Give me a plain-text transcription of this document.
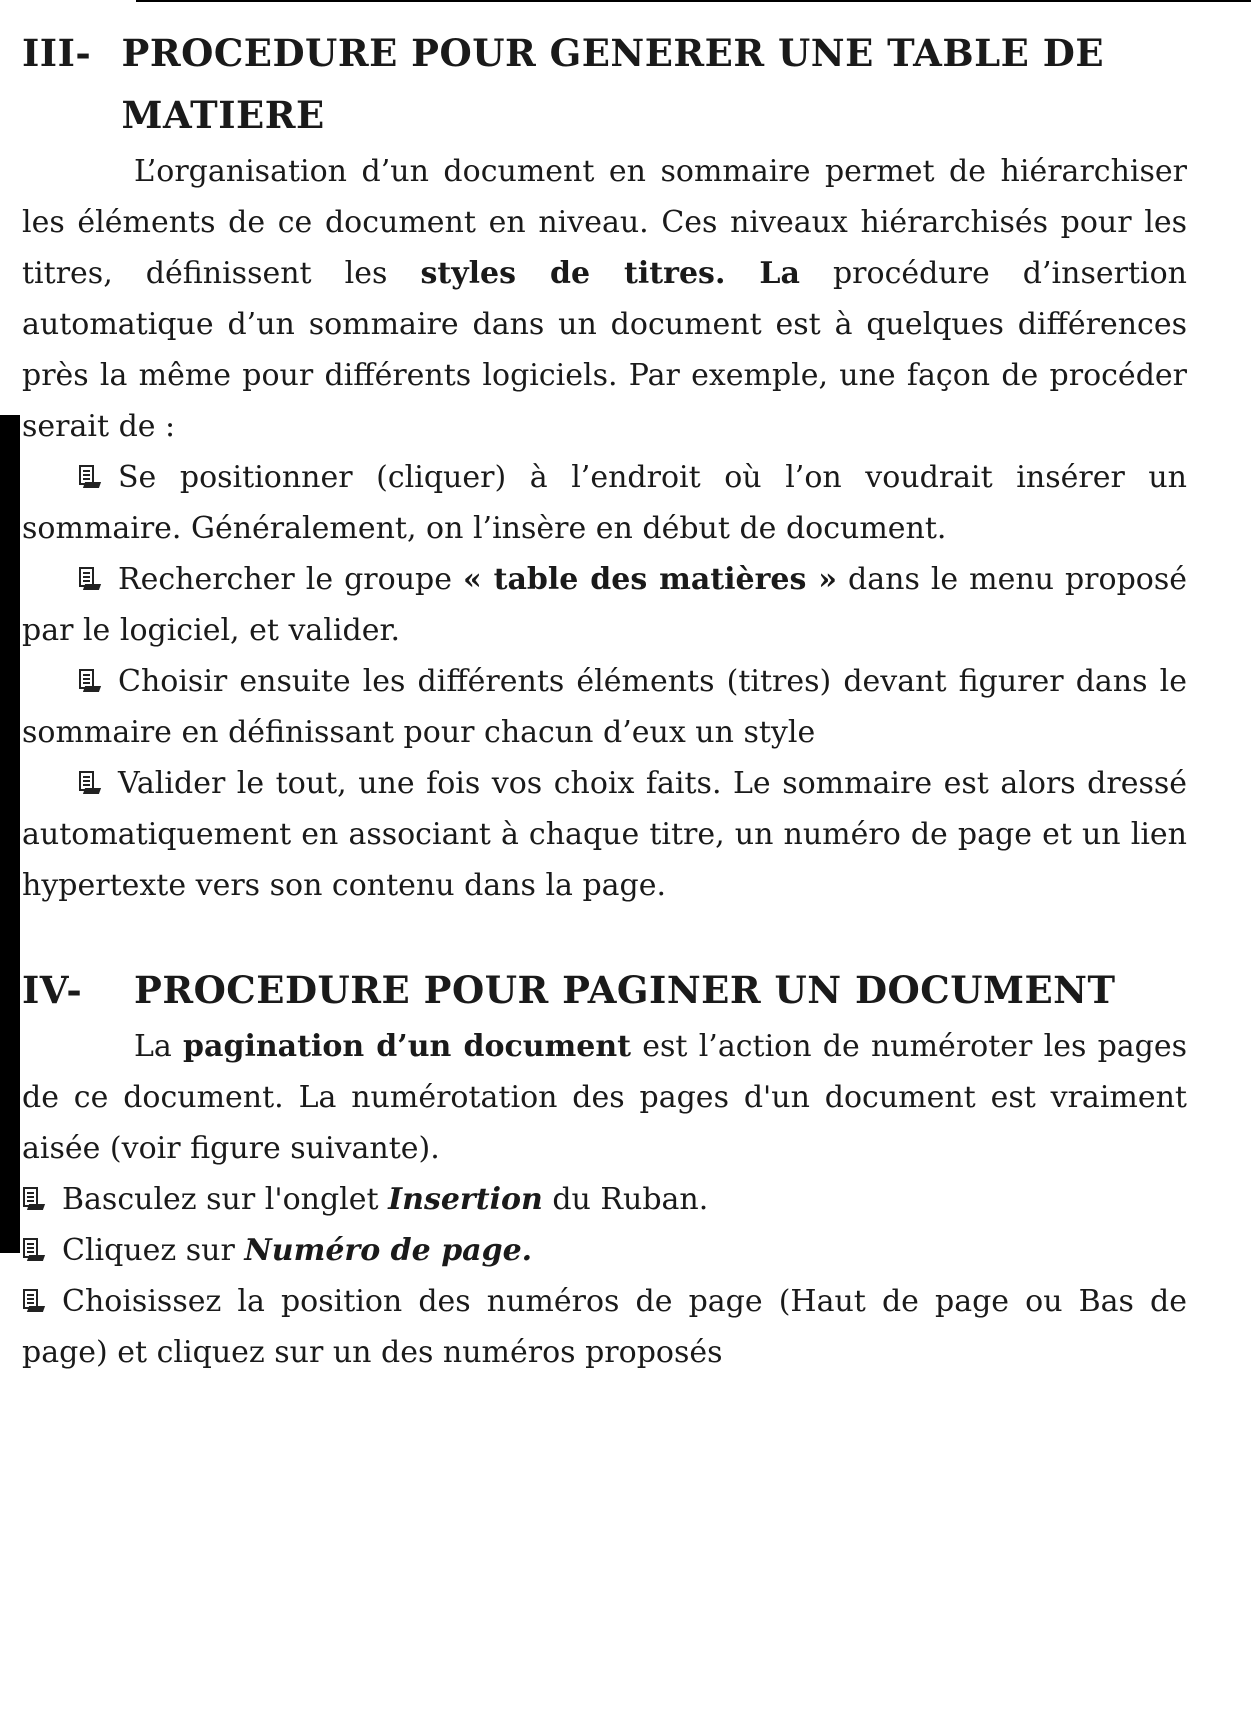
III- PROCEDURE POUR GENERER UNE TABLE DE MATIERE

L’organisation d’un document en sommaire permet de hiérarchiser les éléments de ce document en niveau. Ces niveaux hiérarchisés pour les titres, définissent les styles de titres. La procédure d’insertion automatique d’un sommaire dans un document est à quelques différences près la même pour différents logiciels. Par exemple, une façon de procéder serait de :

Se positionner (cliquer) à l’endroit où l’on voudrait insérer un sommaire. Généralement, on l’insère en début de document.

Rechercher le groupe « table des matières » dans le menu proposé par le logiciel, et valider.

Choisir ensuite les différents éléments (titres) devant figurer dans le sommaire en définissant pour chacun d’eux un style

Valider le tout, une fois vos choix faits. Le sommaire est alors dressé automatiquement en associant à chaque titre, un numéro de page et un lien hypertexte vers son contenu dans la page.

IV-	PROCEDURE POUR PAGINER UN DOCUMENT

La pagination d’un document est l’action de numéroter les pages de ce document. La numérotation des pages d'un document est vraiment aisée (voir figure suivante).

Basculez sur l'onglet Insertion du Ruban.

Cliquez sur Numéro de page.

Choisissez la position des numéros de page (Haut de page ou Bas de page) et cliquez sur un des numéros proposés
